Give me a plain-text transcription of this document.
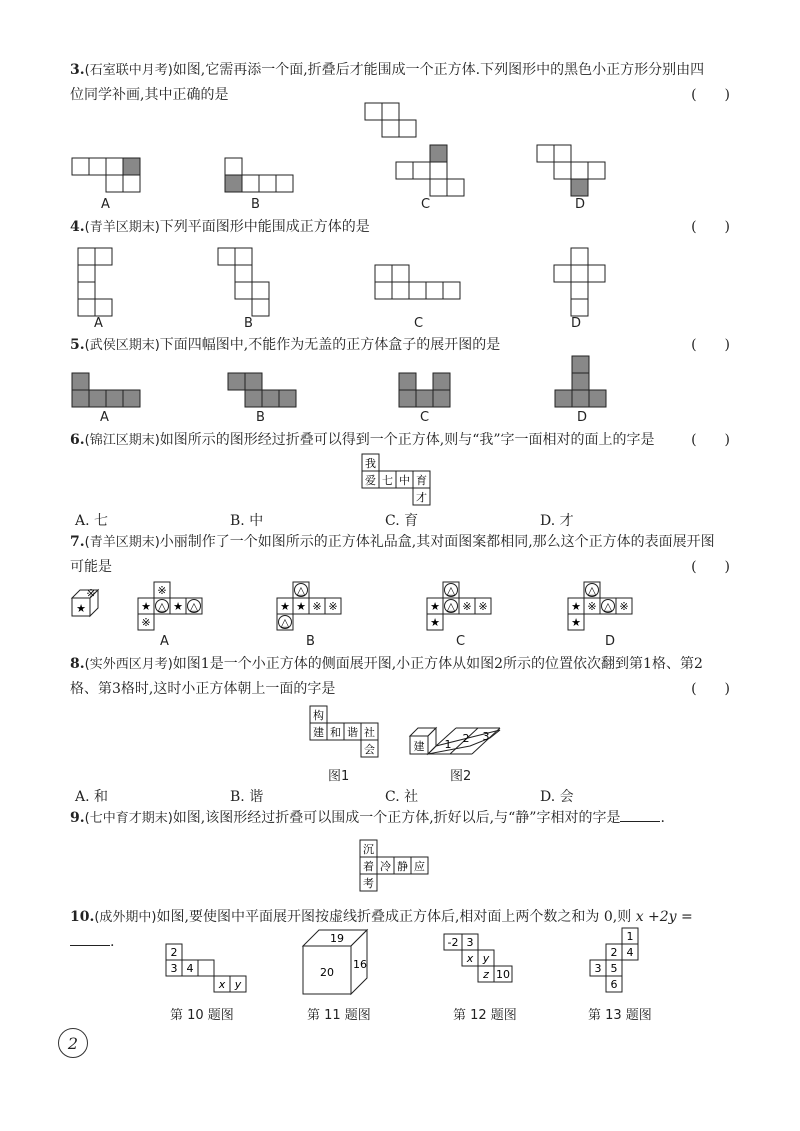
3.(石室联中月考)如图,它需再添一个面,折叠后才能围成一个正方体.下列图形中的黑色小正方形分别由四
位同学补画,其中正确的是	(　　)
A	B	C	D
4.(青羊区期末)下列平面图形中能围成正方体的是	(　　)
A	B	C	D
5.(武侯区期末)下面四幅图中,不能作为无盖的正方体盒子的展开图的是	(　　)
A	B	C	D
6.(锦江区期末)如图所示的图形经过折叠可以得到一个正方体,则与“我”字一面相对的面上的字是	(　　)
我
爱 七 中 育
才
A. 七	B. 中	C. 育	D. 才
7.(青羊区期末)小丽制作了一个如图所示的正方体礼品盒,其对面图案都相同,那么这个正方体的表面展开图
可能是	(　　)
★
※	※
★ △ ★ △
※
△
★ ★ ※ ※
△
△
★ △ ※ ※
★
△
★ ※ △ ※
★
A	B	C	D
8.(实外西区月考)如图1是一个小正方体的侧面展开图,小正方体从如图2所示的位置依次翻到第1格、第2
格、第3格时,这时小正方体朝上一面的字是	(　　)
构
建 和 谐 社
会	建 1 2 3
图1	图2
A. 和	B. 谐	C. 社	D. 会
9.(七中育才期末)如图,该图形经过折叠可以围成一个正方体,折好以后,与“静”字相对的字是	.
沉
着 冷 静 应
考
10.(成外期中)如图,要使图中平面展开图按虚线折叠成正方体后,相对面上两个数之和为 0,则 x +2y =.
2
3 4
x y
19
20
16
-2 3
x y
z 10
1
2 4
3 5
6
第 10 题图	第 11 题图	第 12 题图	第 13 题图
2
